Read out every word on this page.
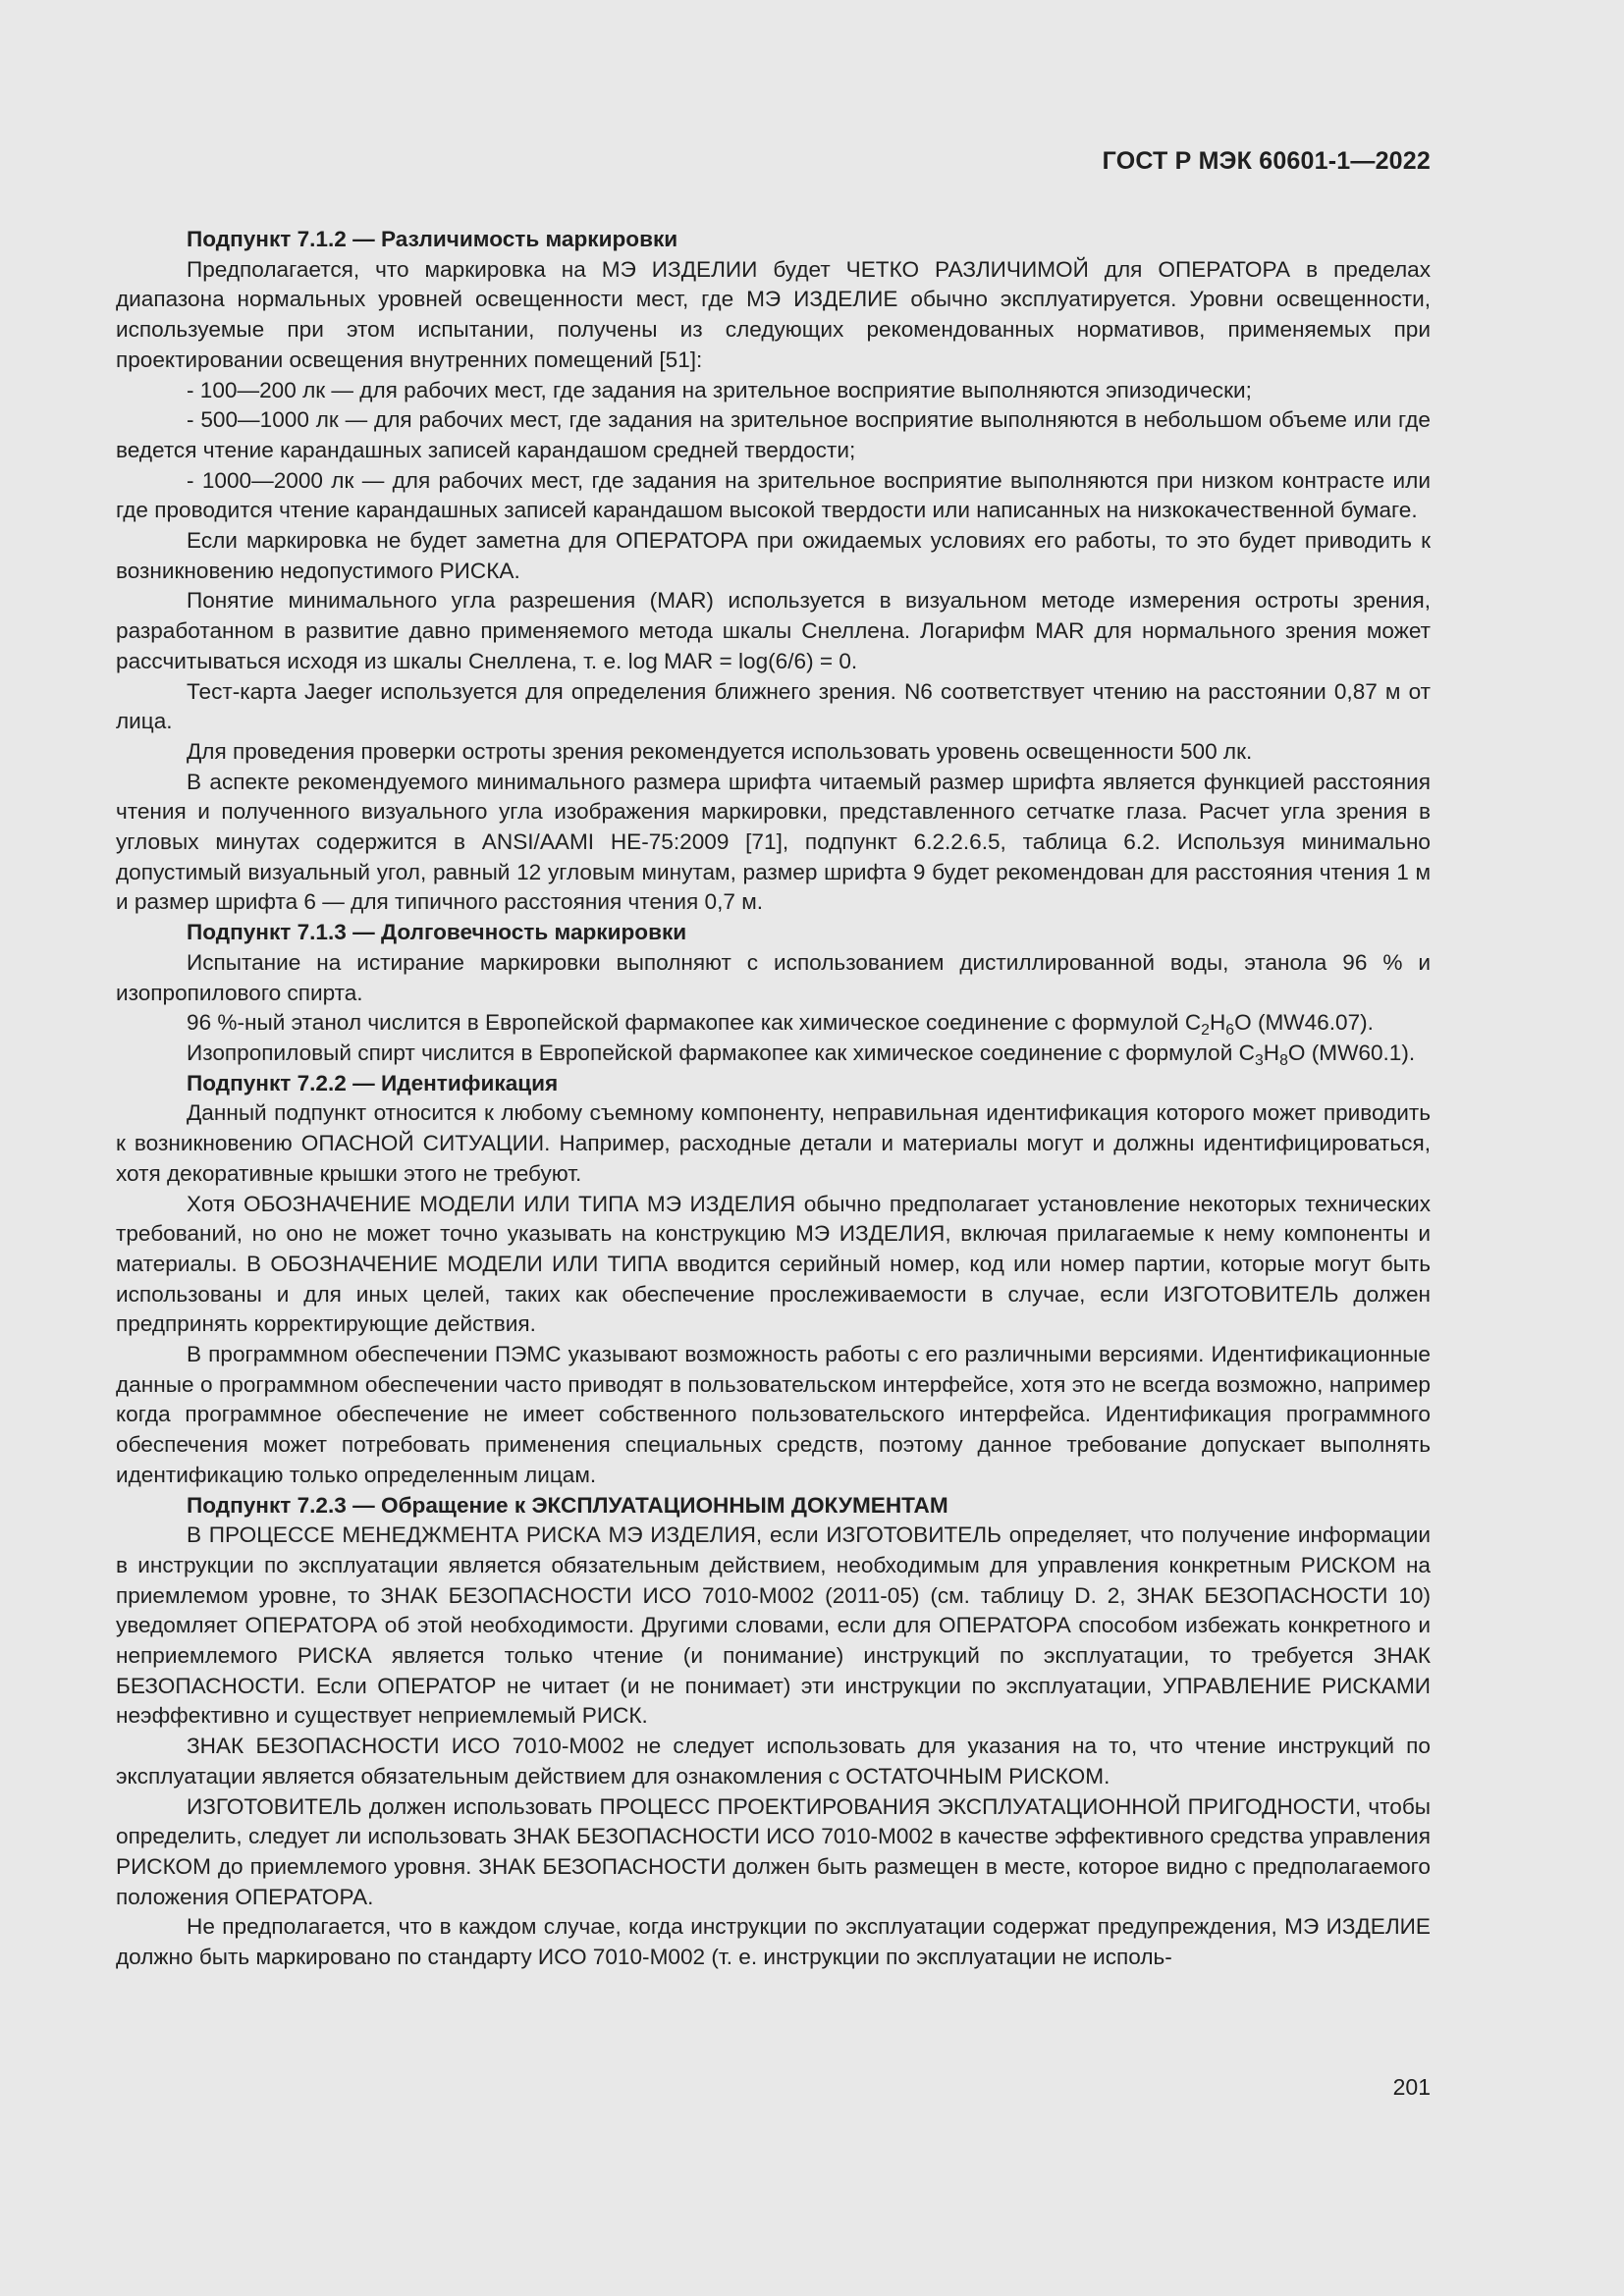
ГОСТ Р МЭК 60601-1—2022

Подпункт 7.1.2 — Различимость маркировки

Предполагается, что маркировка на МЭ ИЗДЕЛИИ будет ЧЕТКО РАЗЛИЧИМОЙ для ОПЕРАТОРА в пределах диапазона нормальных уровней освещенности мест, где МЭ ИЗДЕЛИЕ обычно эксплуатируется. Уровни освещенности, используемые при этом испытании, получены из следующих рекомендованных нормативов, применяемых при проектировании освещения внутренних помещений [51]:

- 100—200 лк — для рабочих мест, где задания на зрительное восприятие выполняются эпизодически;

- 500—1000 лк — для рабочих мест, где задания на зрительное восприятие выполняются в небольшом объеме или где ведется чтение карандашных записей карандашом средней твердости;

- 1000—2000 лк — для рабочих мест, где задания на зрительное восприятие выполняются при низком контрасте или где проводится чтение карандашных записей карандашом высокой твердости или написанных на низкокачественной бумаге.

Если маркировка не будет заметна для ОПЕРАТОРА при ожидаемых условиях его работы, то это будет приводить к возникновению недопустимого РИСКА.

Понятие минимального угла разрешения (MAR) используется в визуальном методе измерения остроты зрения, разработанном в развитие давно применяемого метода шкалы Снеллена. Логарифм MAR для нормального зрения может рассчитываться исходя из шкалы Снеллена, т. е. log MAR = log(6/6) = 0.

Тест-карта Jaeger используется для определения ближнего зрения. N6 соответствует чтению на расстоянии 0,87 м от лица.

Для проведения проверки остроты зрения рекомендуется использовать уровень освещенности 500 лк.

В аспекте рекомендуемого минимального размера шрифта читаемый размер шрифта является функцией расстояния чтения и полученного визуального угла изображения маркировки, представленного сетчатке глаза. Расчет угла зрения в угловых минутах содержится в ANSI/AAMI HE-75:2009 [71], подпункт 6.2.2.6.5, таблица 6.2. Используя минимально допустимый визуальный угол, равный 12 угловым минутам, размер шрифта 9 будет рекомендован для расстояния чтения 1 м и размер шрифта 6 — для типичного расстояния чтения 0,7 м.

Подпункт 7.1.3 — Долговечность маркировки

Испытание на истирание маркировки выполняют с использованием дистиллированной воды, этанола 96 % и изопропилового спирта.

96 %-ный этанол числится в Европейской фармакопее как химическое соединение с формулой $C_2H_6O$ (MW46.07).

Изопропиловый спирт числится в Европейской фармакопее как химическое соединение с формулой $C_3H_8O$ (MW60.1).

Подпункт 7.2.2 — Идентификация

Данный подпункт относится к любому съемному компоненту, неправильная идентификация которого может приводить к возникновению ОПАСНОЙ СИТУАЦИИ. Например, расходные детали и материалы могут и должны идентифицироваться, хотя декоративные крышки этого не требуют.

Хотя ОБОЗНАЧЕНИЕ МОДЕЛИ ИЛИ ТИПА МЭ ИЗДЕЛИЯ обычно предполагает установление некоторых технических требований, но оно не может точно указывать на конструкцию МЭ ИЗДЕЛИЯ, включая прилагаемые к нему компоненты и материалы. В ОБОЗНАЧЕНИЕ МОДЕЛИ ИЛИ ТИПА вводится серийный номер, код или номер партии, которые могут быть использованы и для иных целей, таких как обеспечение прослеживаемости в случае, если ИЗГОТОВИТЕЛЬ должен предпринять корректирующие действия.

В программном обеспечении ПЭМС указывают возможность работы с его различными версиями. Идентификационные данные о программном обеспечении часто приводят в пользовательском интерфейсе, хотя это не всегда возможно, например когда программное обеспечение не имеет собственного пользовательского интерфейса. Идентификация программного обеспечения может потребовать применения специальных средств, поэтому данное требование допускает выполнять идентификацию только определенным лицам.

Подпункт 7.2.3 — Обращение к ЭКСПЛУАТАЦИОННЫМ ДОКУМЕНТАМ

В ПРОЦЕССЕ МЕНЕДЖМЕНТА РИСКА МЭ ИЗДЕЛИЯ, если ИЗГОТОВИТЕЛЬ определяет, что получение информации в инструкции по эксплуатации является обязательным действием, необходимым для управления конкретным РИСКОМ на приемлемом уровне, то ЗНАК БЕЗОПАСНОСТИ ИСО 7010-M002 (2011-05) (см. таблицу D. 2, ЗНАК БЕЗОПАСНОСТИ 10) уведомляет ОПЕРАТОРА об этой необходимости. Другими словами, если для ОПЕРАТОРА способом избежать конкретного и неприемлемого РИСКА является только чтение (и понимание) инструкций по эксплуатации, то требуется ЗНАК БЕЗОПАСНОСТИ. Если ОПЕРАТОР не читает (и не понимает) эти инструкции по эксплуатации, УПРАВЛЕНИЕ РИСКАМИ неэффективно и существует неприемлемый РИСК.

ЗНАК БЕЗОПАСНОСТИ ИСО 7010-M002 не следует использовать для указания на то, что чтение инструкций по эксплуатации является обязательным действием для ознакомления с ОСТАТОЧНЫМ РИСКОМ.

ИЗГОТОВИТЕЛЬ должен использовать ПРОЦЕСС ПРОЕКТИРОВАНИЯ ЭКСПЛУАТАЦИОННОЙ ПРИГОДНОСТИ, чтобы определить, следует ли использовать ЗНАК БЕЗОПАСНОСТИ ИСО 7010-M002 в качестве эффективного средства управления РИСКОМ до приемлемого уровня. ЗНАК БЕЗОПАСНОСТИ должен быть размещен в месте, которое видно с предполагаемого положения ОПЕРАТОРА.

Не предполагается, что в каждом случае, когда инструкции по эксплуатации содержат предупреждения, МЭ ИЗДЕЛИЕ должно быть маркировано по стандарту ИСО 7010-M002 (т. е. инструкции по эксплуатации не исполь-

201
